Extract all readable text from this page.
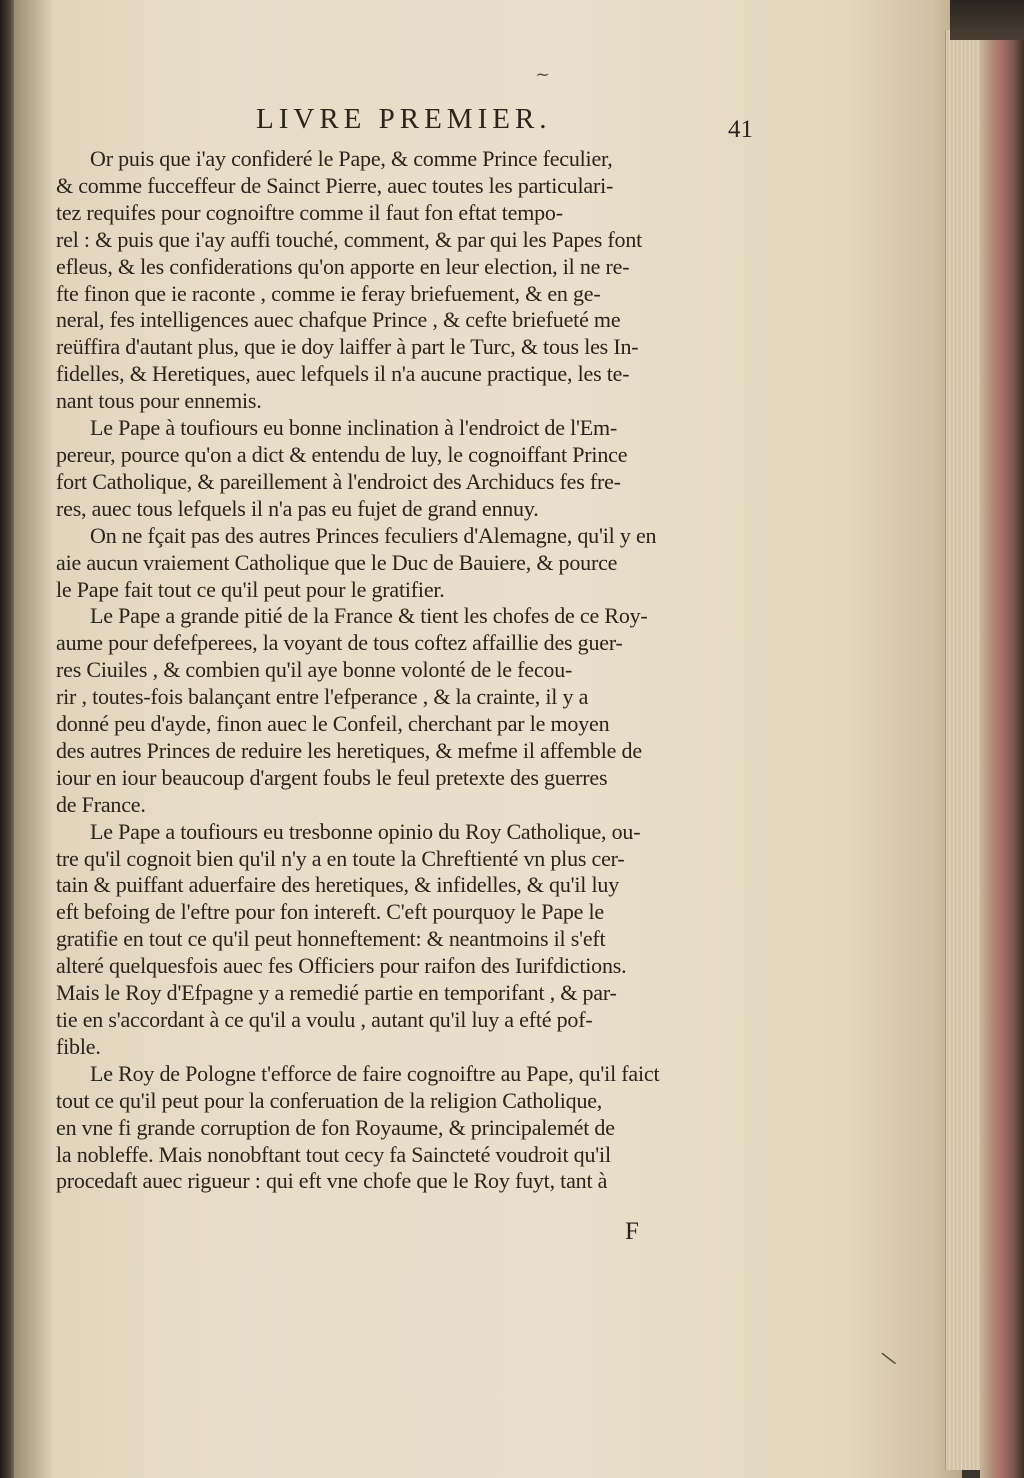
~
\
LIVRE PREMIER.	41
Or puis que i'ay confideré le Pape, & comme Prince feculier,
& comme fucceffeur de Sainct Pierre, auec toutes les particulari-
tez requifes pour cognoiftre comme il faut fon eftat tempo-
rel : & puis que i'ay auffi touché, comment, & par qui les Papes font
efleus, & les confiderations qu'on apporte en leur election, il ne re-
fte finon que ie raconte , comme ie feray briefuement, & en ge-
neral, fes intelligences auec chafque Prince , & cefte briefueté me
reüffira d'autant plus, que ie doy laiffer à part le Turc, & tous les In-
fidelles, & Heretiques, auec lefquels il n'a aucune practique, les te-
nant tous pour ennemis.
Le Pape à toufiours eu bonne inclination à l'endroict de l'Em-
pereur, pource qu'on a dict & entendu de luy, le cognoiffant Prince
fort Catholique, & pareillement à l'endroict des Archiducs fes fre-
res, auec tous lefquels il n'a pas eu fujet de grand ennuy.
On ne fçait pas des autres Princes feculiers d'Alemagne, qu'il y en
aie aucun vraiement Catholique que le Duc de Bauiere, & pource
le Pape fait tout ce qu'il peut pour le gratifier.
Le Pape a grande pitié de la France & tient les chofes de ce Roy-
aume pour defefperees, la voyant de tous coftez affaillie des guer-
res Ciuiles , & combien qu'il aye bonne volonté de le fecou-
rir , toutes-fois balançant entre l'efperance , & la crainte, il y a
donné peu d'ayde, finon auec le Confeil, cherchant par le moyen
des autres Princes de reduire les heretiques, & mefme il affemble de
iour en iour beaucoup d'argent foubs le feul pretexte des guerres
de France.
Le Pape a toufiours eu tresbonne opinio du Roy Catholique, ou-
tre qu'il cognoit bien qu'il n'y a en toute la Chreftienté vn plus cer-
tain & puiffant aduerfaire des heretiques, & infidelles, & qu'il luy
eft befoing de l'eftre pour fon intereft. C'eft pourquoy le Pape le
gratifie en tout ce qu'il peut honneftement: & neantmoins il s'eft
alteré quelquesfois auec fes Officiers pour raifon des Iurifdictions.
Mais le Roy d'Efpagne y a remedié partie en temporifant , & par-
tie en s'accordant à ce qu'il a voulu , autant qu'il luy a efté pof-
fible.
Le Roy de Pologne t'efforce de faire cognoiftre au Pape, qu'il faict
tout ce qu'il peut pour la conferuation de la religion Catholique,
en vne fi grande corruption de fon Royaume, & principalemét de
la nobleffe. Mais nonobftant tout cecy fa Saincteté voudroit qu'il
procedaft auec rigueur : qui eft vne chofe que le Roy fuyt, tant à
F
